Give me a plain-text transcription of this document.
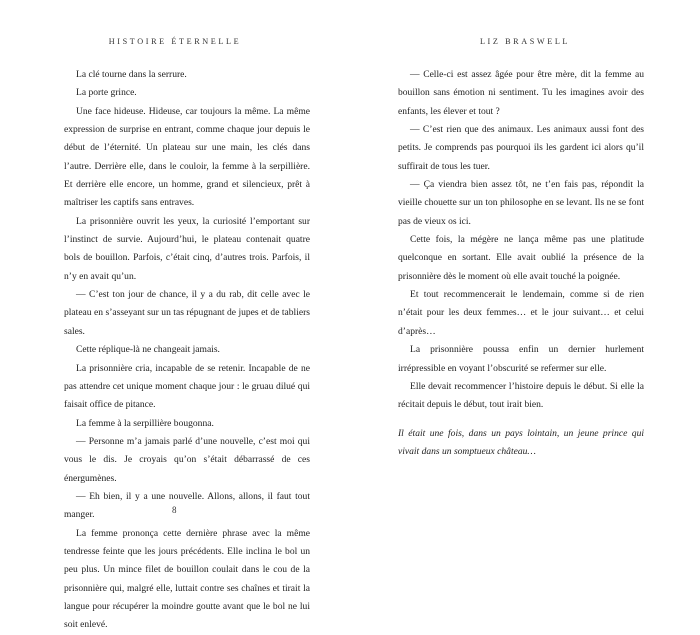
HISTOIRE ÉTERNELLE

La clé tourne dans la serrure.

La porte grince.

Une face hideuse. Hideuse, car toujours la même. La même expression de surprise en entrant, comme chaque jour depuis le début de l’éternité. Un plateau sur une main, les clés dans l’autre. Derrière elle, dans le couloir, la femme à la serpillière. Et derrière elle encore, un homme, grand et silencieux, prêt à maîtriser les captifs sans entraves.

La prisonnière ouvrit les yeux, la curiosité l’emportant sur l’instinct de survie. Aujourd’hui, le plateau contenait quatre bols de bouillon. Parfois, c’était cinq, d’autres trois. Parfois, il n’y en avait qu’un.

— C’est ton jour de chance, il y a du rab, dit celle avec le plateau en s’asseyant sur un tas répugnant de jupes et de tabliers sales.

Cette réplique-là ne changeait jamais.

La prisonnière cria, incapable de se retenir. Incapable de ne pas attendre cet unique moment chaque jour : le gruau dilué qui faisait office de pitance.

La femme à la serpillière bougonna.

— Personne m’a jamais parlé d’une nouvelle, c’est moi qui vous le dis. Je croyais qu’on s’était débarrassé de ces énergumènes.

— Eh bien, il y a une nouvelle. Allons, allons, il faut tout manger.

La femme prononça cette dernière phrase avec la même tendresse feinte que les jours précédents. Elle inclina le bol un peu plus. Un mince filet de bouillon coulait dans le cou de la prisonnière qui, malgré elle, luttait contre ses chaînes et tirait la langue pour récupérer la moindre goutte avant que le bol ne lui soit enlevé.

8
LIZ BRASWELL

— Celle-ci est assez âgée pour être mère, dit la femme au bouillon sans émotion ni sentiment. Tu les imagines avoir des enfants, les élever et tout ?

— C’est rien que des animaux. Les animaux aussi font des petits. Je comprends pas pourquoi ils les gardent ici alors qu’il suffirait de tous les tuer.

— Ça viendra bien assez tôt, ne t’en fais pas, répondit la vieille chouette sur un ton philosophe en se levant. Ils ne se font pas de vieux os ici.

Cette fois, la mégère ne lança même pas une platitude quelconque en sortant. Elle avait oublié la présence de la prisonnière dès le moment où elle avait touché la poignée.

Et tout recommencerait le lendemain, comme si de rien n’était pour les deux femmes… et le jour suivant… et celui d’après…

La prisonnière poussa enfin un dernier hurlement irrépressible en voyant l’obscurité se refermer sur elle.

Elle devait recommencer l’histoire depuis le début. Si elle la récitait depuis le début, tout irait bien.

Il était une fois, dans un pays lointain, un jeune prince qui vivait dans un somptueux château…
